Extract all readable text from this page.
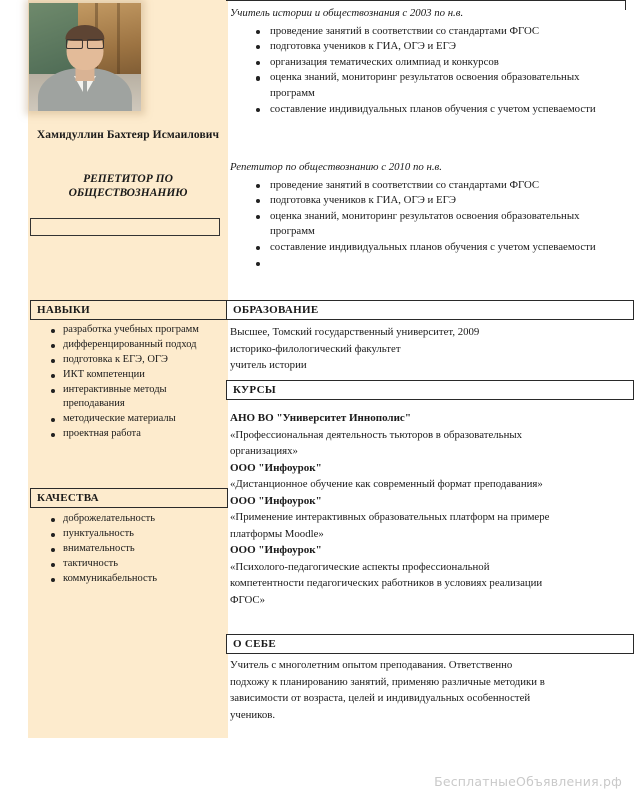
Хамидуллин Бахтеяр Исмаилович
РЕПЕТИТОР ПО ОБЩЕСТВОЗНАНИЮ
НАВЫКИ
разработка учебных программ
дифференцированный подход
подготовка к ЕГЭ, ОГЭ
ИКТ компетенции
интерактивные методы преподавания
методические материалы
проектная работа
КАЧЕСТВА
доброжелательность
пунктуальность
внимательность
тактичность
коммуникабельность
Учитель истории и обществознания с 2003 по н.в.
проведение занятий в соответствии со стандартами ФГОС
подготовка учеников к ГИА, ОГЭ и ЕГЭ
организация тематических олимпиад и конкурсов
оценка знаний, мониторинг результатов освоения образовательных программ
составление индивидуальных планов обучения с учетом успеваемости
Репетитор по обществознанию с 2010 по н.в.
проведение занятий в соответствии со стандартами ФГОС
подготовка учеников к ГИА, ОГЭ и ЕГЭ
оценка знаний, мониторинг результатов освоения образовательных программ
составление индивидуальных планов обучения с учетом успеваемости
ОБРАЗОВАНИЕ
Высшее, Томский государственный университет, 2009
историко-филологический факультет
учитель истории
КУРСЫ
АНО ВО "Университет Иннополис"
«Профессиональная деятельность тьюторов в образовательных
организациях»
ООО "Инфоурок"
«Дистанционное обучение как современный формат преподавания»
ООО "Инфоурок"
«Применение интерактивных образовательных платформ на примере
платформы Moodle»
ООО "Инфоурок"
«Психолого-педагогические аспекты профессиональной
компетентности педагогических работников в условиях реализации
ФГОС»
О СЕБЕ
Учитель с многолетним опытом преподавания. Ответственно
подхожу к планированию занятий, применяю различные методики в
зависимости от возраста, целей и индивидуальных особенностей
учеников.
БесплатныеОбъявления.рф
